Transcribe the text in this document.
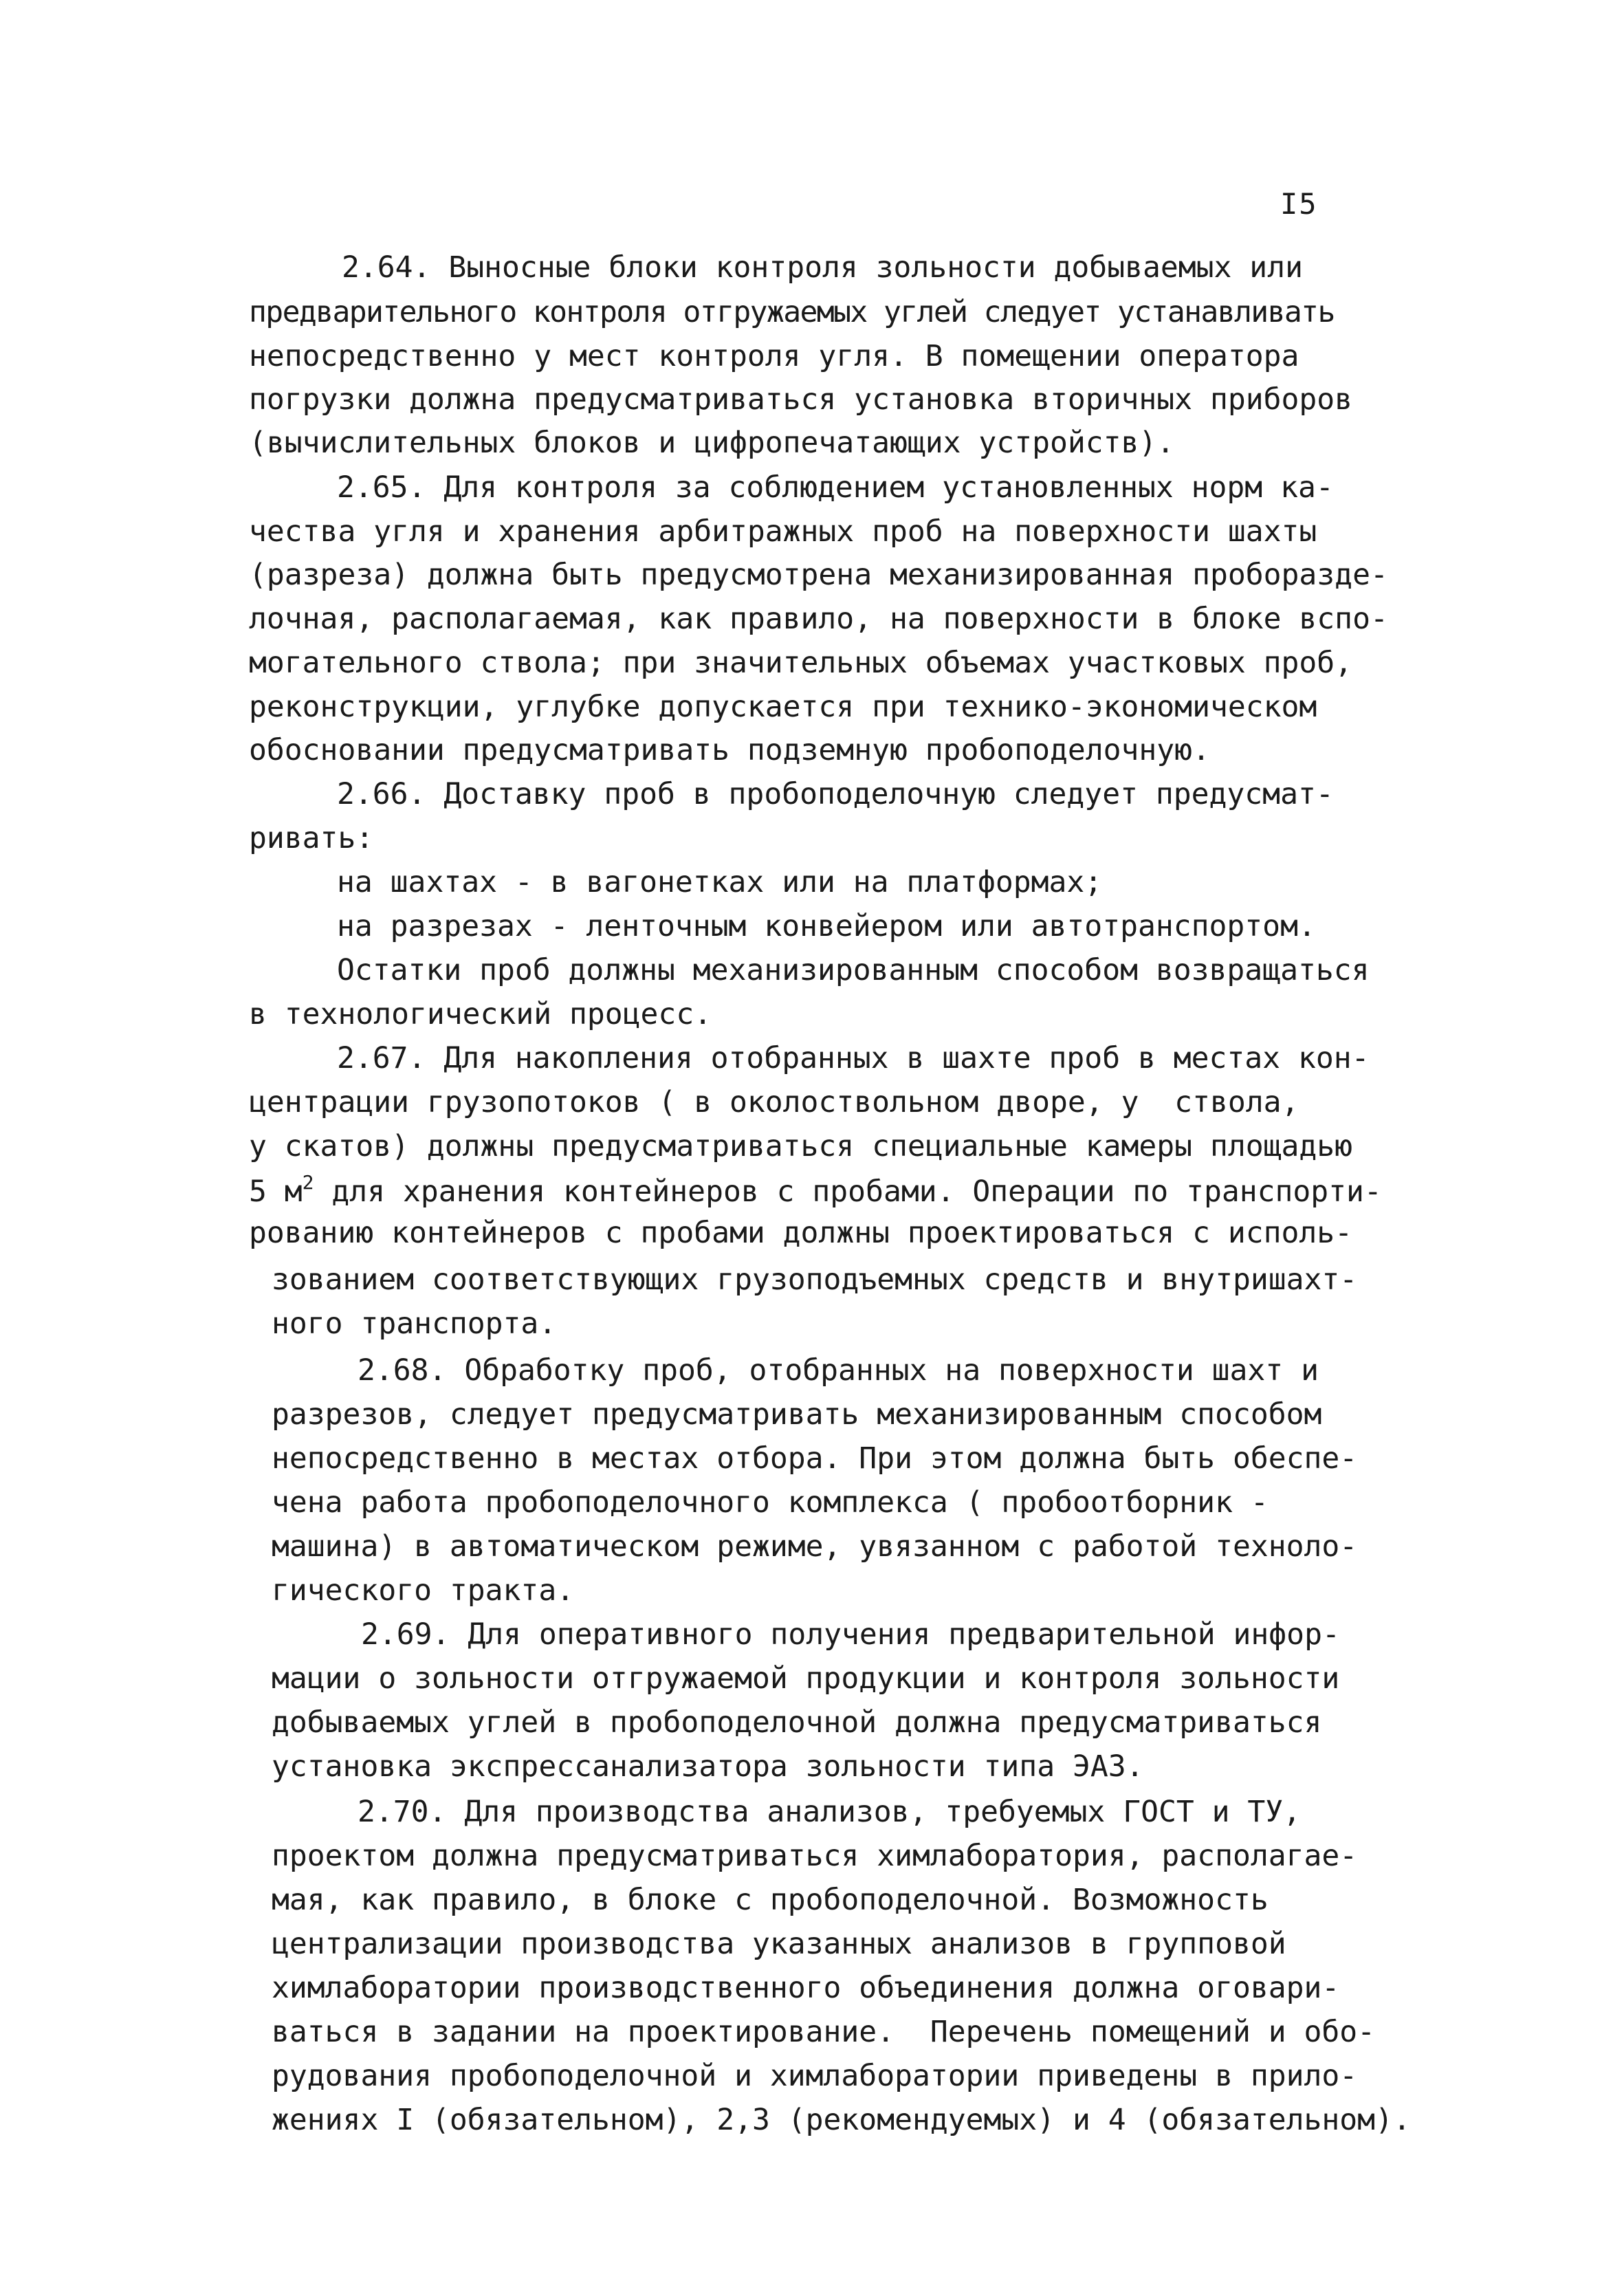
I5
2.64. Выносные блоки контроля зольности добываемых или
предварительного контроля отгружаемых углей следует устанавливать
непосредственно у мест контроля угля. В помещении оператора
погрузки должна предусматриваться установка вторичных приборов
(вычислительных блоков и цифропечатающих устройств).
2.65. Для контроля за соблюдением установленных норм ка-
чества угля и хранения арбитражных проб на поверхности шахты
(разреза) должна быть предусмотрена механизированная проборазде-
лочная, располагаемая, как правило, на поверхности в блоке вспо-
могательного ствола; при значительных объемах участковых проб,
реконструкции, углубке допускается при технико-экономическом
обосновании предусматривать подземную пробоподелочную.
2.66. Доставку проб в пробоподелочную следует предусмат-
ривать:
на шахтах - в вагонетках или на платформах;
на разрезах - ленточным конвейером или автотранспортом.
Остатки проб должны механизированным способом возвращаться
в технологический процесс.
2.67. Для накопления отобранных в шахте проб в местах кон-
центрации грузопотоков ( в околоствольном дворе, у  ствола,
у скатов) должны предусматриваться специальные камеры площадью
5 $м^2$ для хранения контейнеров с пробами. Операции по транспорти-
рованию контейнеров с пробами должны проектироваться с исполь-
зованием соответствующих грузоподъемных средств и внутришахт-
ного транспорта.
2.68. Обработку проб, отобранных на поверхности шахт и
разрезов, следует предусматривать механизированным способом
непосредственно в местах отбора. При этом должна быть обеспе-
чена работа пробоподелочного комплекса ( пробоотборник -
машина) в автоматическом режиме, увязанном с работой техноло-
гического тракта.
2.69. Для оперативного получения предварительной инфор-
мации о зольности отгружаемой продукции и контроля зольности
добываемых углей в пробоподелочной должна предусматриваться
установка экспрессанализатора зольности типа ЭАЗ.
2.70. Для производства анализов, требуемых ГОСТ и ТУ,
проектом должна предусматриваться химлаборатория, располагае-
мая, как правило, в блоке с пробоподелочной. Возможность
централизации производства указанных анализов в групповой
химлаборатории производственного объединения должна оговари-
ваться в задании на проектирование.  Перечень помещений и обо-
рудования пробоподелочной и химлаборатории приведены в прило-
жениях I (обязательном), 2,3 (рекомендуемых) и 4 (обязательном).
